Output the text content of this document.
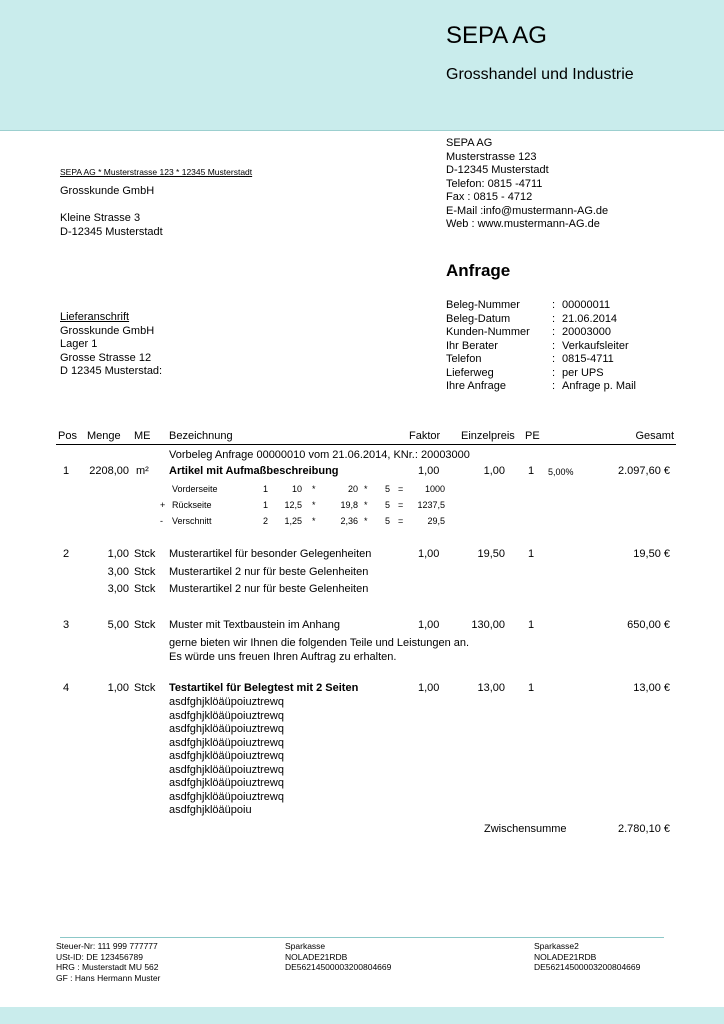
SEPA AG
Grosshandel und Industrie
SEPA AG * Musterstrasse 123 * 12345 Musterstadt
Grosskunde GmbH
Kleine Strasse 3
D-12345 Musterstadt
Lieferanschrift
Grosskunde GmbH
Lager 1
Grosse Strasse 12
D 12345 Musterstad:
SEPA AG
Musterstrasse 123
D-12345 Musterstadt
Telefon: 0815 -4711
Fax : 0815 - 4712
E-Mail :info@mustermann-AG.de
Web : www.mustermann-AG.de
Anfrage
Beleg-Nummer	: 00000011
Beleg-Datum	: 21.06.2014
Kunden-Nummer : 20003000
Ihr Berater	: Verkaufsleiter
Telefon	: 0815-4711
Lieferweg	: per UPS
Ihre Anfrage	: Anfrage p. Mail
Pos Menge ME Bezeichnung	Faktor Einzelpreis PE	Gesamt
Vorbeleg Anfrage 00000010 vom 21.06.2014, KNr.: 20003000
1	2208,00 m² Artikel mit Aufmaßbeschreibung	1,00	1,00 1 5,00%	2.097,60 €
Vorderseite	1	10 *	20 *	5 =	1000
+ Rückseite	1	12,5 *	19,8 *	5 =	1237,5
- Verschnitt	2	1,25 *	2,36 *	5 =	29,5
2	1,00 Stck Musterartikel für besonder Gelegenheiten	1,00	19,50 1	19,50 €
3,00 Stck Musterartikel 2 nur für beste Gelenheiten
3,00 Stck Musterartikel 2 nur für beste Gelenheiten
3	5,00 Stck Muster mit Textbaustein im Anhang	1,00	130,00 1	650,00 €
gerne bieten wir Ihnen die folgenden Teile und Leistungen an.
Es würde uns freuen Ihren Auftrag zu erhalten.
4	1,00 Stck Testartikel für Belegtest mit 2 Seiten	1,00	13,00 1	13,00 €
asdfghjklöäüpoiuztrewq
asdfghjklöäüpoiuztrewq
asdfghjklöäüpoiuztrewq
asdfghjklöäüpoiuztrewq
asdfghjklöäüpoiuztrewq
asdfghjklöäüpoiuztrewq
asdfghjklöäüpoiuztrewq
asdfghjklöäüpoiuztrewq
asdfghjklöäüpoiu
Zwischensumme	2.780,10 €
Steuer-Nr: 111 999 777777
USt-ID: DE 123456789
HRG : Musterstadt MU 562
GF : Hans Hermann Muster
Sparkasse
NOLADE21RDB
DE56214500003200804669
Sparkasse2
NOLADE21RDB
DE56214500003200804669
